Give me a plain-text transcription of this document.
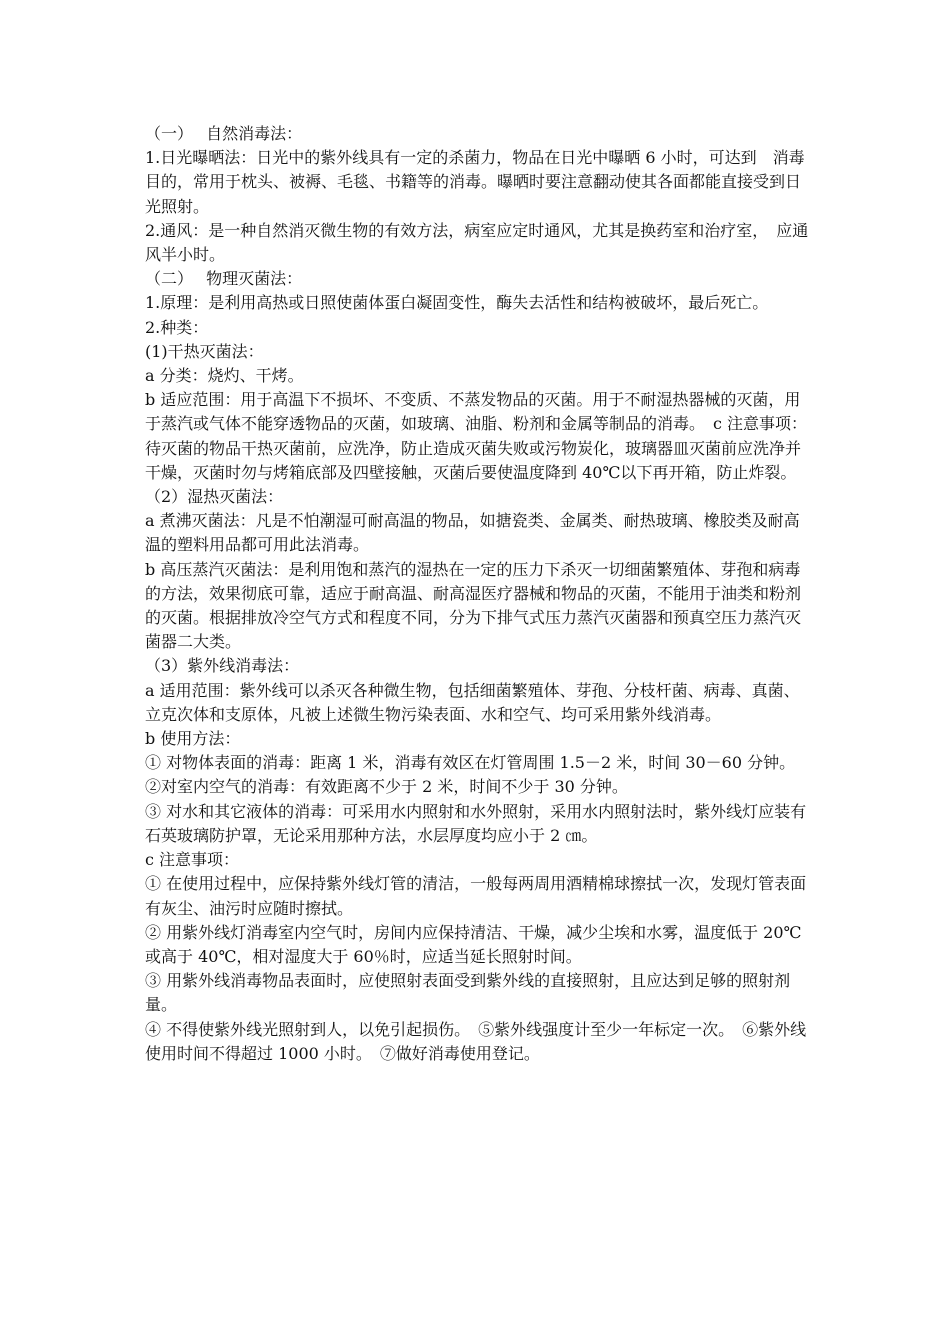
（一）　 自然消毒法：

1.日光曝晒法：日光中的紫外线具有一定的杀菌力，物品在日光中曝晒 6 小时，可达到　消毒目的，常用于枕头、被褥、毛毯、书籍等的消毒。曝晒时要注意翻动使其各面都能直接受到日光照射。

2.通风：是一种自然消灭微生物的有效方法，病室应定时通风，尤其是换药室和治疗室，　应通风半小时。

（二）　 物理灭菌法：

1.原理：是利用高热或日照使菌体蛋白凝固变性，酶失去活性和结构被破坏，最后死亡。

2.种类：

(1)干热灭菌法：

a 分类：烧灼、干烤。

b 适应范围：用于高温下不损坏、不变质、不蒸发物品的灭菌。用于不耐湿热器械的灭菌，用于蒸汽或气体不能穿透物品的灭菌，如玻璃、油脂、粉剂和金属等制品的消毒。　c 注意事项：待灭菌的物品干热灭菌前，应洗净，防止造成灭菌失败或污物炭化，玻璃器皿灭菌前应洗净并干燥，灭菌时勿与烤箱底部及四壁接触，灭菌后要使温度降到 40℃以下再开箱，防止炸裂。

（2）湿热灭菌法：

a 煮沸灭菌法：凡是不怕潮湿可耐高温的物品，如搪瓷类、金属类、耐热玻璃、橡胶类及耐高温的塑料用品都可用此法消毒。

b 高压蒸汽灭菌法：是利用饱和蒸汽的湿热在一定的压力下杀灭一切细菌繁殖体、芽孢和病毒的方法，效果彻底可靠，适应于耐高温、耐高湿医疗器械和物品的灭菌，不能用于油类和粉剂的灭菌。根据排放冷空气方式和程度不同，分为下排气式压力蒸汽灭菌器和预真空压力蒸汽灭菌器二大类。

（3）紫外线消毒法：

a 适用范围：紫外线可以杀灭各种微生物，包括细菌繁殖体、芽孢、分枝杆菌、病毒、真菌、立克次体和支原体，凡被上述微生物污染表面、水和空气、均可采用紫外线消毒。

b 使用方法：

① 对物体表面的消毒：距离 1 米，消毒有效区在灯管周围 1.5－2 米，时间 30－60 分钟。　②对室内空气的消毒：有效距离不少于 2 米，时间不少于 30 分钟。

③ 对水和其它液体的消毒：可采用水内照射和水外照射，采用水内照射法时，紫外线灯应装有石英玻璃防护罩，无论采用那种方法，水层厚度均应小于 2 ㎝。

c 注意事项：

① 在使用过程中，应保持紫外线灯管的清洁，一般每两周用酒精棉球擦拭一次，发现灯管表面有灰尘、油污时应随时擦拭。

② 用紫外线灯消毒室内空气时，房间内应保持清洁、干燥，减少尘埃和水雾，温度低于 20℃或高于 40℃，相对湿度大于 60％时，应适当延长照射时间。

③ 用紫外线消毒物品表面时，应使照射表面受到紫外线的直接照射，且应达到足够的照射剂量。

④ 不得使紫外线光照射到人，以免引起损伤。　⑤紫外线强度计至少一年标定一次。　⑥紫外线使用时间不得超过 1000 小时。　⑦做好消毒使用登记。
